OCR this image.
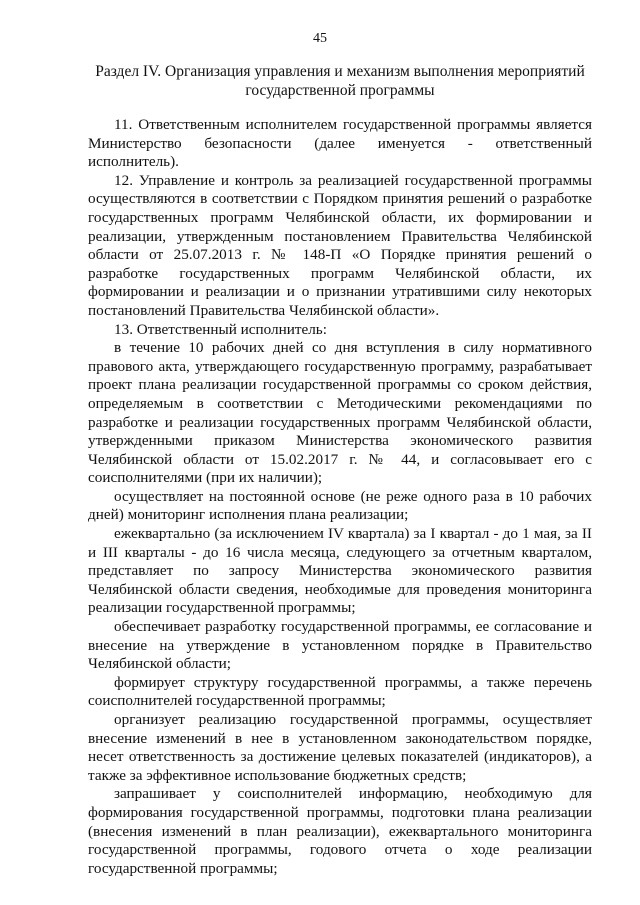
45
Раздел IV. Организация управления и механизм выполнения мероприятий
государственной программы

11. Ответственным исполнителем государственной программы является Министерство безопасности (далее именуется - ответственный исполнитель).

12. Управление и контроль за реализацией государственной программы осуществляются в соответствии с Порядком принятия решений о разработке государственных программ Челябинской области, их формировании и реализации, утвержденным постановлением Правительства Челябинской области от 25.07.2013 г. № 148-П «О Порядке принятия решений о разработке государственных программ Челябинской области, их формировании и реализации и о признании утратившими силу некоторых постановлений Правительства Челябинской области».

13. Ответственный исполнитель:

в течение 10 рабочих дней со дня вступления в силу нормативного правового акта, утверждающего государственную программу, разрабатывает проект плана реализации государственной программы со сроком действия, определяемым в соответствии с Методическими рекомендациями по разработке и реализации государственных программ Челябинской области, утвержденными приказом Министерства экономического развития Челябинской области от 15.02.2017 г. № 44, и согласовывает его с соисполнителями (при их наличии);

осуществляет на постоянной основе (не реже одного раза в 10 рабочих дней) мониторинг исполнения плана реализации;

ежеквартально (за исключением IV квартала) за I квартал - до 1 мая, за II и III кварталы - до 16 числа месяца, следующего за отчетным кварталом, представляет по запросу Министерства экономического развития Челябинской области сведения, необходимые для проведения мониторинга реализации государственной программы;

обеспечивает разработку государственной программы, ее согласование и внесение на утверждение в установленном порядке в Правительство Челябинской области;

формирует структуру государственной программы, а также перечень соисполнителей государственной программы;

организует реализацию государственной программы, осуществляет внесение изменений в нее в установленном законодательством порядке, несет ответственность за достижение целевых показателей (индикаторов), а также за эффективное использование бюджетных средств;

запрашивает у соисполнителей информацию, необходимую для формирования государственной программы, подготовки плана реализации (внесения изменений в план реализации), ежеквартального мониторинга государственной программы, годового отчета о ходе реализации государственной программы;
